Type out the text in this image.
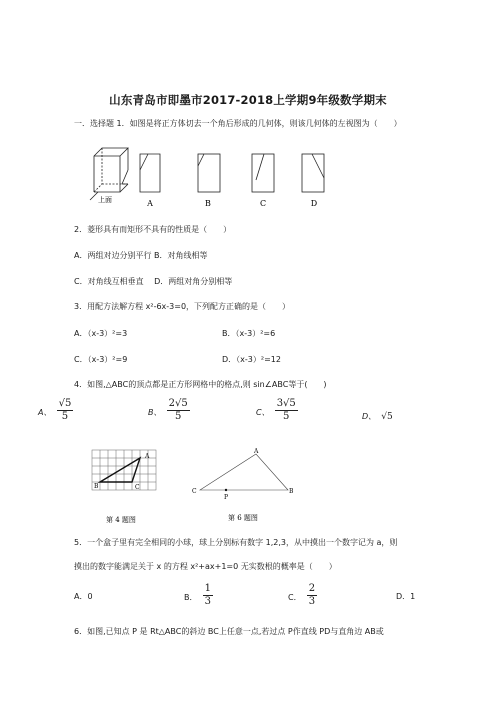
山东青岛市即墨市2017-2018上学期9年级数学期末
一．选择题 1．如图是将正方体切去一个角后形成的几何体，则该几何体的左视图为（　　）
上面	A	B	C	D
2．菱形具有而矩形不具有的性质是（　　）
A．两组对边分别平行 B．对角线相等
C．对角线互相垂直　 D．两组对角分别相等
3．用配方法解方程 x²-6x-3=0，下列配方正确的是（　　）
A．（x-3）²=3	B．（x-3）²=6
C．（x-3）²=9	D．（x-3）²=12
4．如图,△ABC的顶点都是正方形网格中的格点,则 sin∠ABC等于(　　)
A、 $\frac{√5}{5}$	B、 $\frac{2√5}{5}$	C、 $\frac{3√5}{5}$	D、 √5
A
B	C
第 4 题图
A
C	B
P
第 6 题图
5．一个盒子里有完全相同的小球，球上分别标有数字 1,2,3，从中摸出一个数字记为 a，则
摸出的数字能满足关于 x 的方程 x²+ax+1=0 无实数根的概率是（　　）
A．0	B． $\frac{1}{3}$	C． $\frac{2}{3}$	D．1
6．如图,已知点 P 是 Rt△ABC的斜边 BC上任意一点,若过点 P作直线 PD与直角边 AB或
